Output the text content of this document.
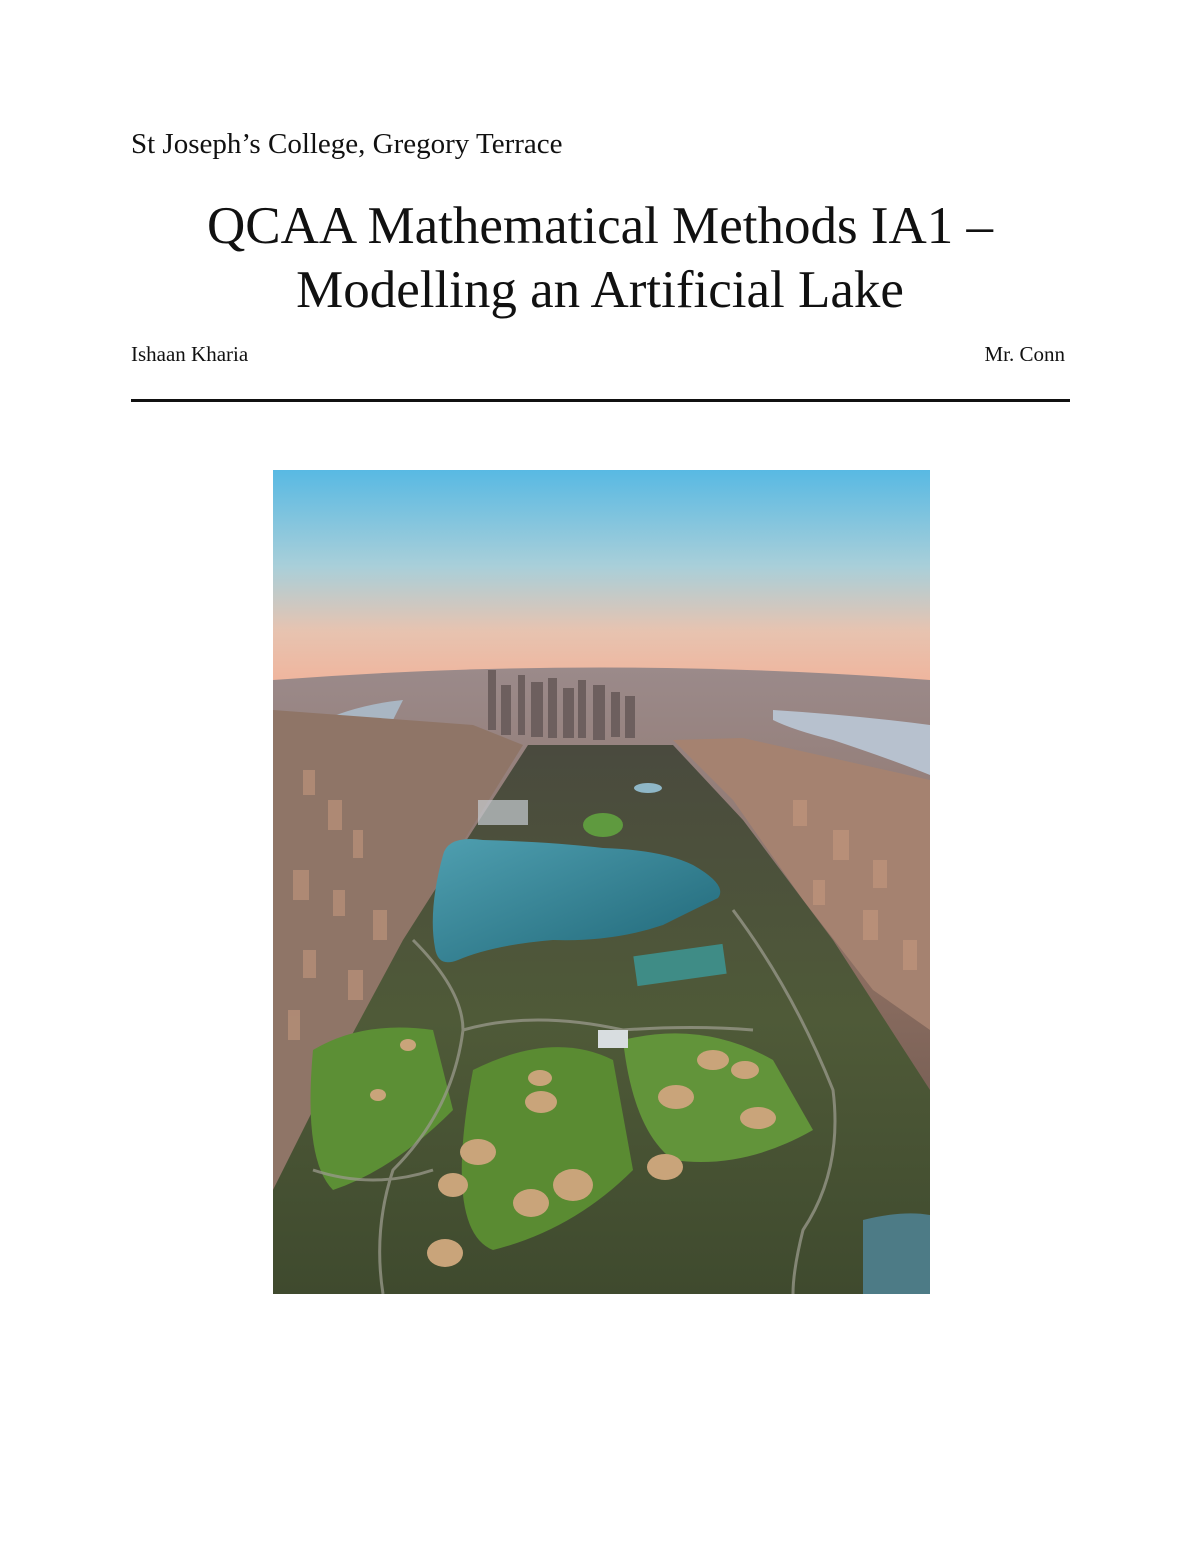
St Joseph’s College, Gregory Terrace
QCAA Mathematical Methods IA1 –
Modelling an Artificial Lake
Ishaan Kharia	Mr. Conn
